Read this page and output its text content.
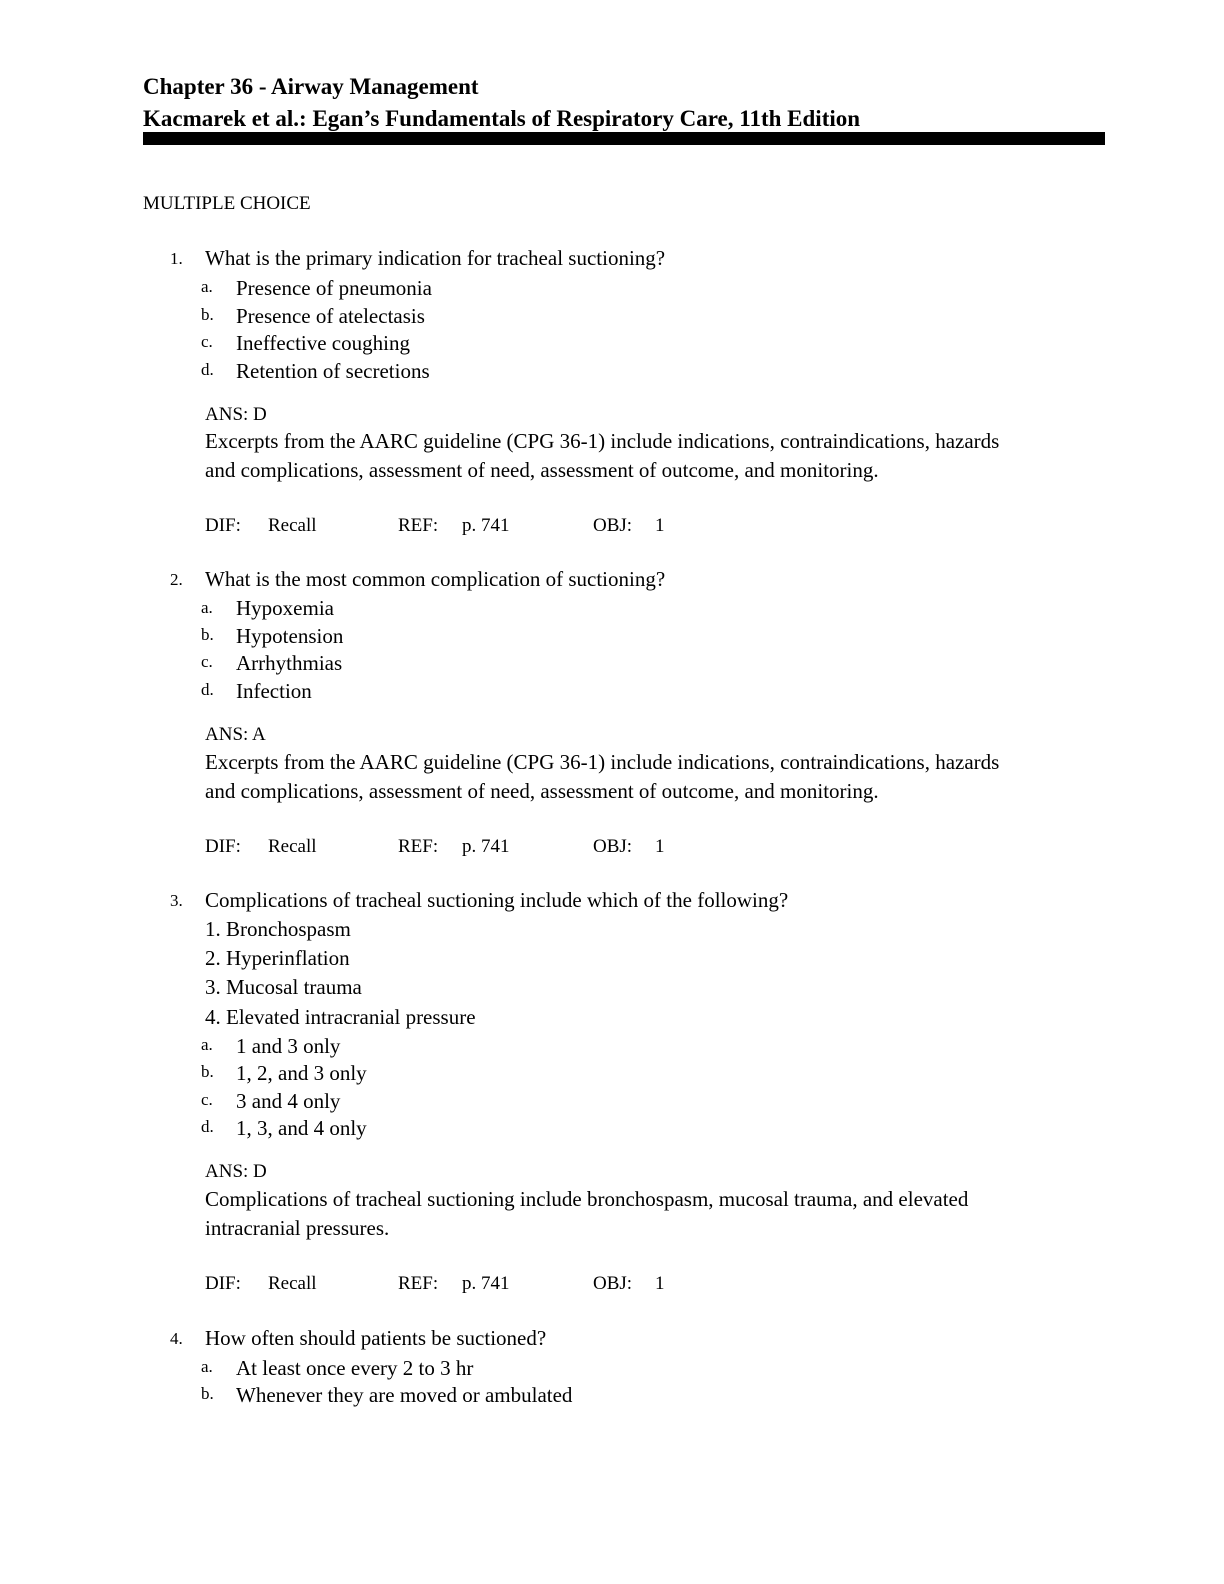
Chapter 36 - Airway Management
Kacmarek et al.: Egan’s Fundamentals of Respiratory Care, 11th Edition
MULTIPLE CHOICE
1. What is the primary indication for tracheal suctioning?
a. Presence of pneumonia
b. Presence of atelectasis
c. Ineffective coughing
d. Retention of secretions
ANS: D
Excerpts from the AARC guideline (CPG 36-1) include indications, contraindications, hazards
and complications, assessment of need, assessment of outcome, and monitoring.
DIF: Recall	REF: p. 741	OBJ: 1
2. What is the most common complication of suctioning?
a. Hypoxemia
b. Hypotension
c. Arrhythmias
d. Infection
ANS: A
Excerpts from the AARC guideline (CPG 36-1) include indications, contraindications, hazards
and complications, assessment of need, assessment of outcome, and monitoring.
DIF: Recall	REF: p. 741	OBJ: 1
3. Complications of tracheal suctioning include which of the following?
1. Bronchospasm
2. Hyperinflation
3. Mucosal trauma
4. Elevated intracranial pressure
a. 1 and 3 only
b. 1, 2, and 3 only
c. 3 and 4 only
d. 1, 3, and 4 only
ANS: D
Complications of tracheal suctioning include bronchospasm, mucosal trauma, and elevated
intracranial pressures.
DIF: Recall	REF: p. 741	OBJ: 1
4. How often should patients be suctioned?
a. At least once every 2 to 3 hr
b. Whenever they are moved or ambulated
